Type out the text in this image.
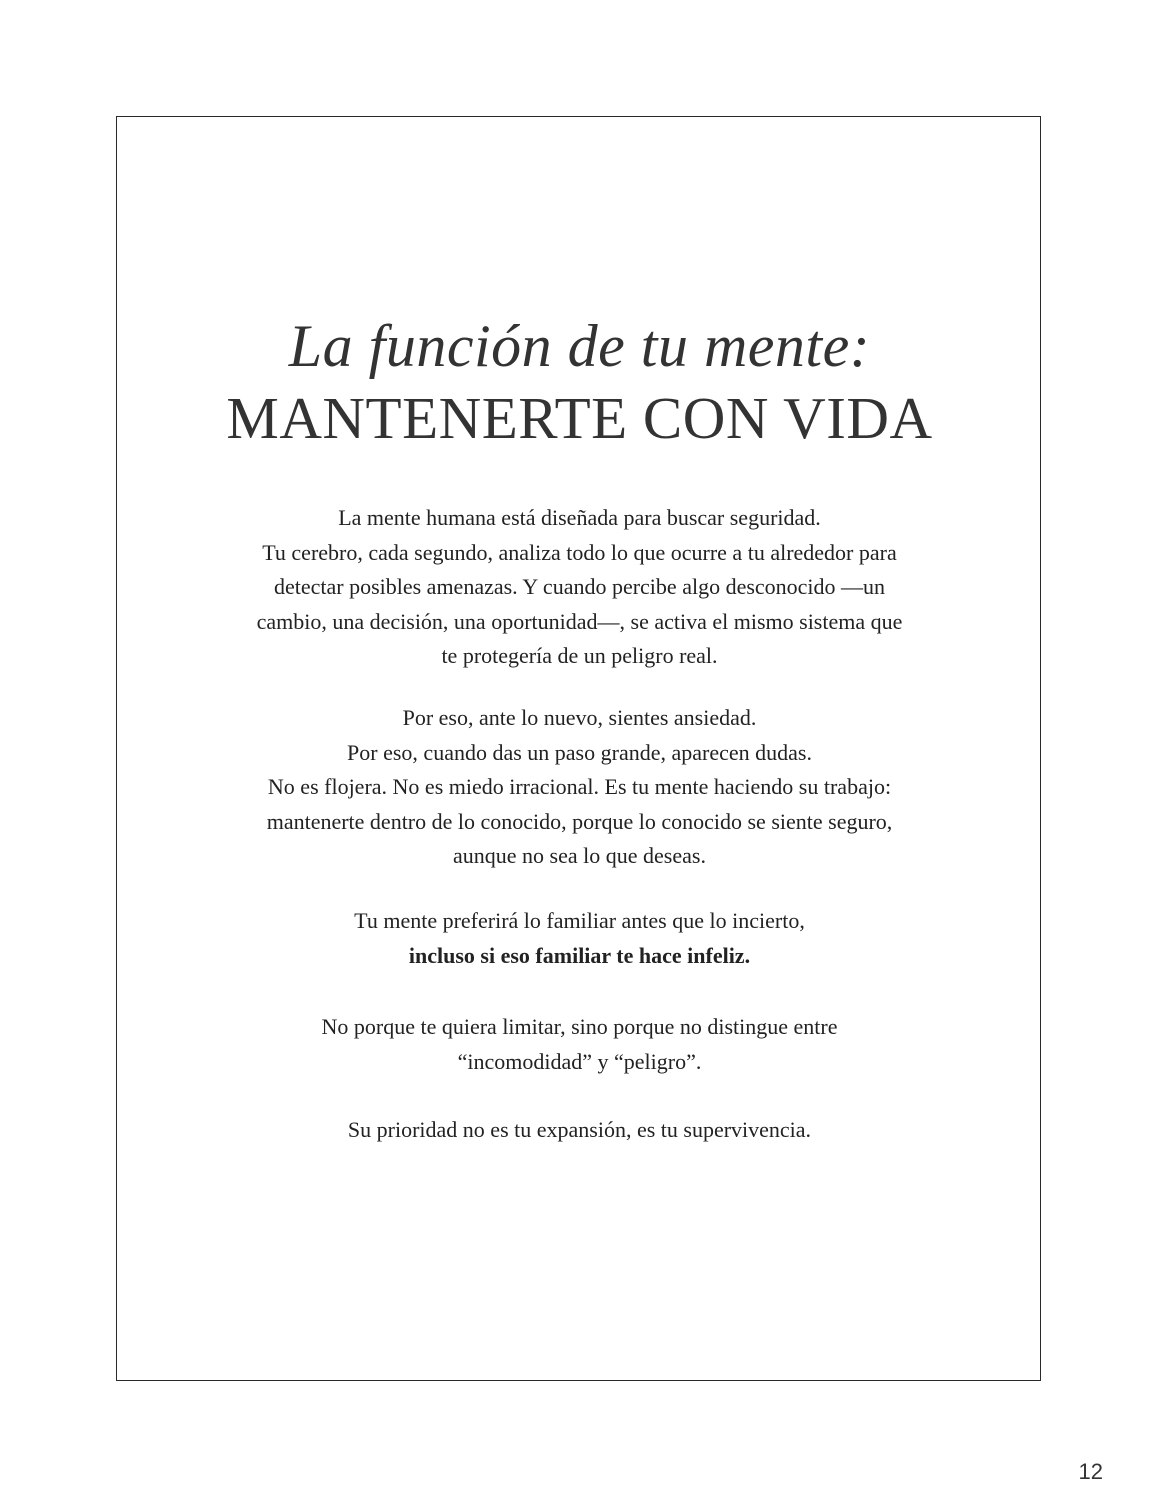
La función de tu mente:
MANTENERTE CON VIDA
La mente humana está diseñada para buscar seguridad.
Tu cerebro, cada segundo, analiza todo lo que ocurre a tu alrededor para
detectar posibles amenazas. Y cuando percibe algo desconocido —un
cambio, una decisión, una oportunidad—, se activa el mismo sistema que
te protegería de un peligro real.
Por eso, ante lo nuevo, sientes ansiedad.
Por eso, cuando das un paso grande, aparecen dudas.
No es flojera. No es miedo irracional. Es tu mente haciendo su trabajo:
mantenerte dentro de lo conocido, porque lo conocido se siente seguro,
aunque no sea lo que deseas.
Tu mente preferirá lo familiar antes que lo incierto,
incluso si eso familiar te hace infeliz.
No porque te quiera limitar, sino porque no distingue entre
“incomodidad” y “peligro”.
Su prioridad no es tu expansión, es tu supervivencia.
12
